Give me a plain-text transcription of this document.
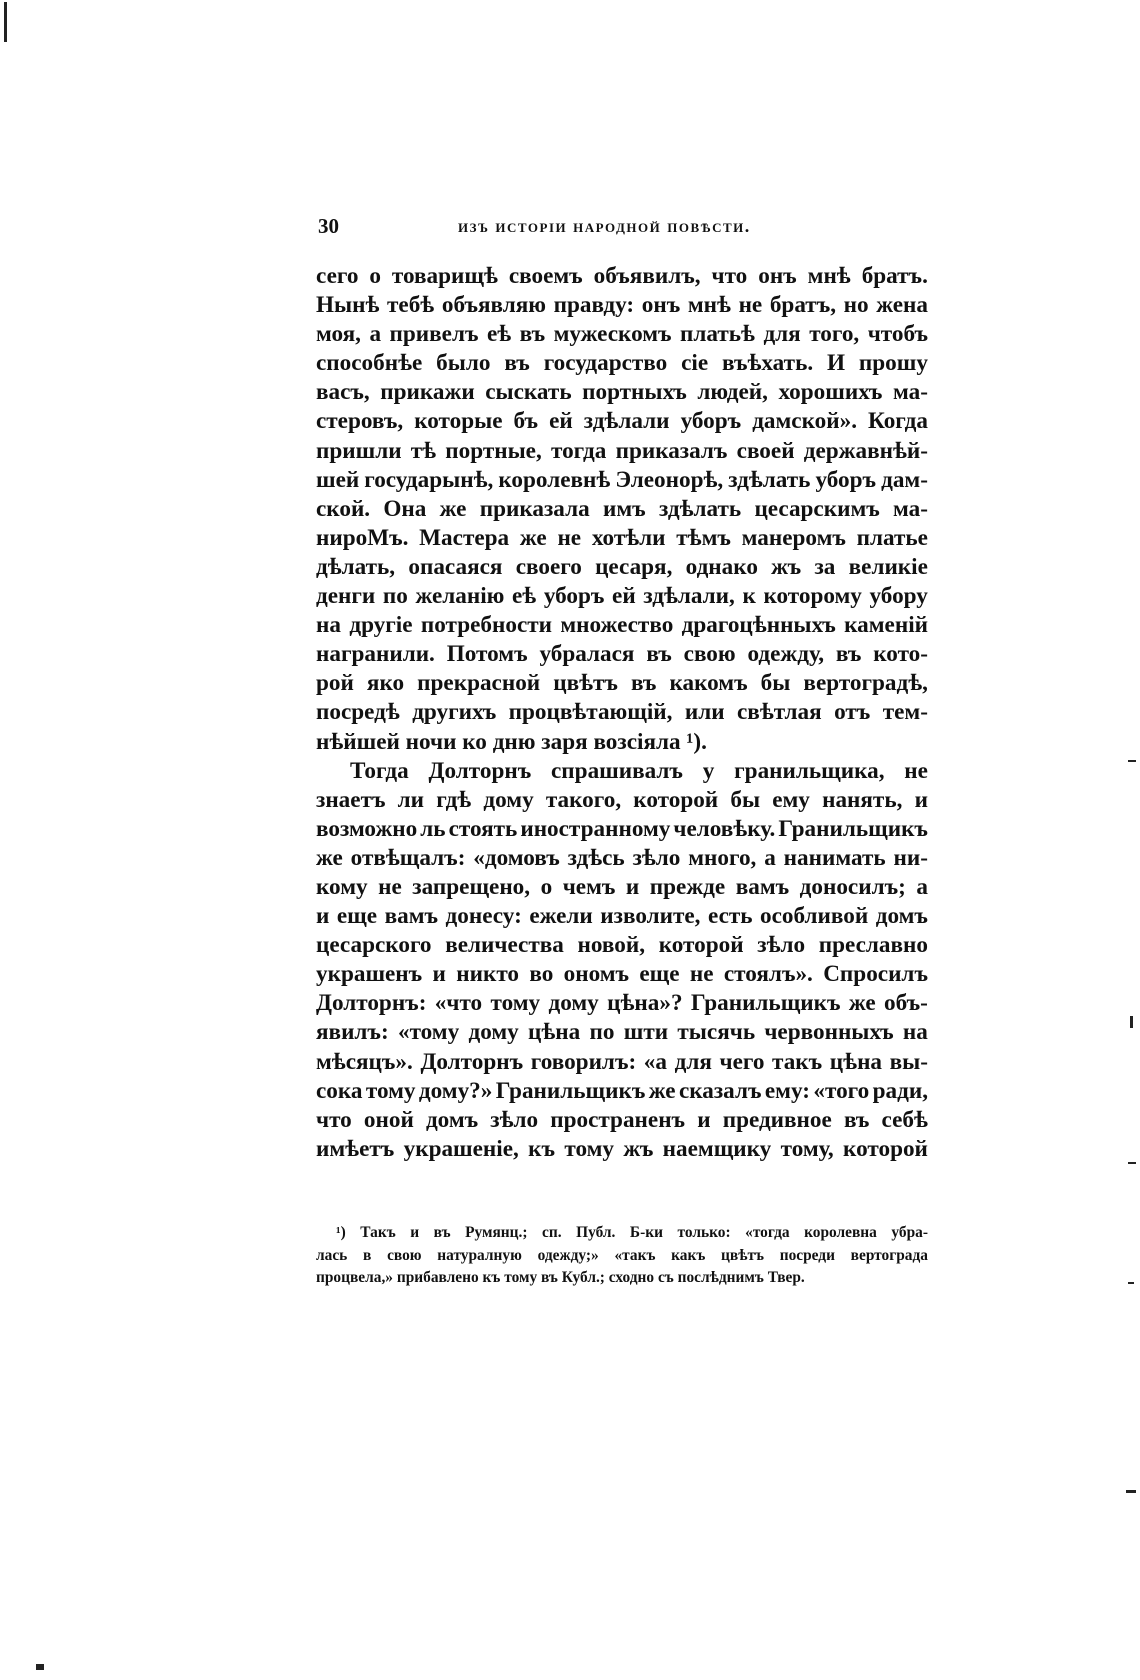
30	изъ исторіи народной повѣсти.
сего о товарищѣ своемъ объявилъ, что онъ мнѣ братъ.
Нынѣ тебѣ объявляю правду: онъ мнѣ не братъ, но жена
моя, а привелъ еѣ въ мужескомъ платьѣ для того, чтобъ
способнѣе было въ государство сіе въѣхать. И прошу
васъ, прикажи сыскать портныхъ людей, хорошихъ ма-
стеровъ, которые бъ ей здѣлали уборъ дамской». Когда
пришли тѣ портные, тогда приказалъ своей державнѣй-
шей государынѣ, королевнѣ Элеонорѣ, здѣлать уборъ дам-
ской. Она же приказала имъ здѣлать цесарскимъ ма-
нироМъ. Мастера же не хотѣли тѣмъ манеромъ платье
дѣлать, опасаяся своего цесаря, однако жъ за великіе
денги по желанію еѣ уборъ ей здѣлали, к которому убору
на другіе потребности множество драгоцѣнныхъ каменій
награнили. Потомъ убралася въ свою одежду, въ кото-
рой яко прекрасной цвѣтъ въ какомъ бы вертоградѣ,
посредѣ другихъ процвѣтающій, или свѣтлая отъ тем-
нѣйшей ночи ко дню заря возсіяла ¹).
Тогда Долторнъ спрашивалъ у гранильщика, не
знаетъ ли гдѣ дому такого, которой бы ему нанять, и
возможно ль стоять иностранному человѣку. Гранильщикъ
же отвѣщалъ: «домовъ здѣсь зѣло много, а нанимать ни-
кому не запрещено, о чемъ и прежде вамъ доносилъ; а
и еще вамъ донесу: ежели изволите, есть особливой домъ
цесарского величества новой, которой зѣло преславно
украшенъ и никто во ономъ еще не стоялъ». Спросилъ
Долторнъ: «что тому дому цѣна»? Гранильщикъ же объ-
явилъ: «тому дому цѣна по шти тысячь червонныхъ на
мѣсяцъ». Долторнъ говорилъ: «а для чего такъ цѣна вы-
сока тому дому?» Гранильщикъ же сказалъ ему: «того ради,
что оной домъ зѣло пространенъ и предивное въ себѣ
имѣетъ украшеніе, къ тому жъ наемщику тому, которой
¹) Такъ и въ Румянц.; сп. Публ. Б-ки только: «тогда королевна убра-
лась в свою натуралную одежду;» «такъ какъ цвѣтъ посреди вертограда
процвела,» прибавлено къ тому въ Кубл.; сходно съ послѣднимъ Твер.
